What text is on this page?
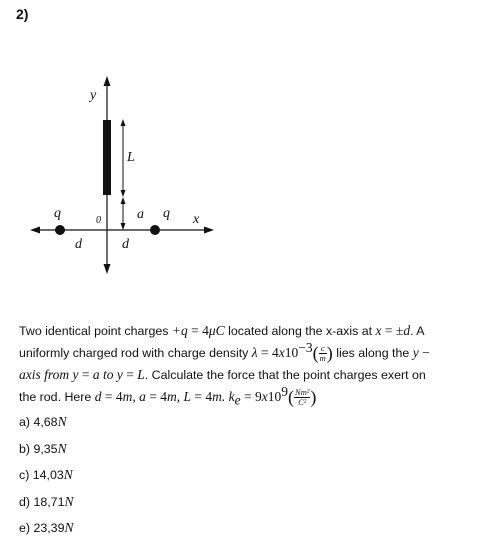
2)
y
L
a
0
q	q x
d	d
Two identical point charges +q = 4μC located along the x-axis at x = ±d. A
uniformly charged rod with charge density $\lambda = 4x10^{-3}( \frac{c}{m}$ ) lies along the y −
axis from y = a to y = L. Calculate the force that the point charges exert on
the rod. Here d = 4m, a = 4m, L = 4m. $k_e = 9x10^9( \frac{\text{Nm²}}{\text{C²}}$ )
a) 4,68N
b) 9,35N
c) 14,03N
d) 18,71N
e) 23,39N
